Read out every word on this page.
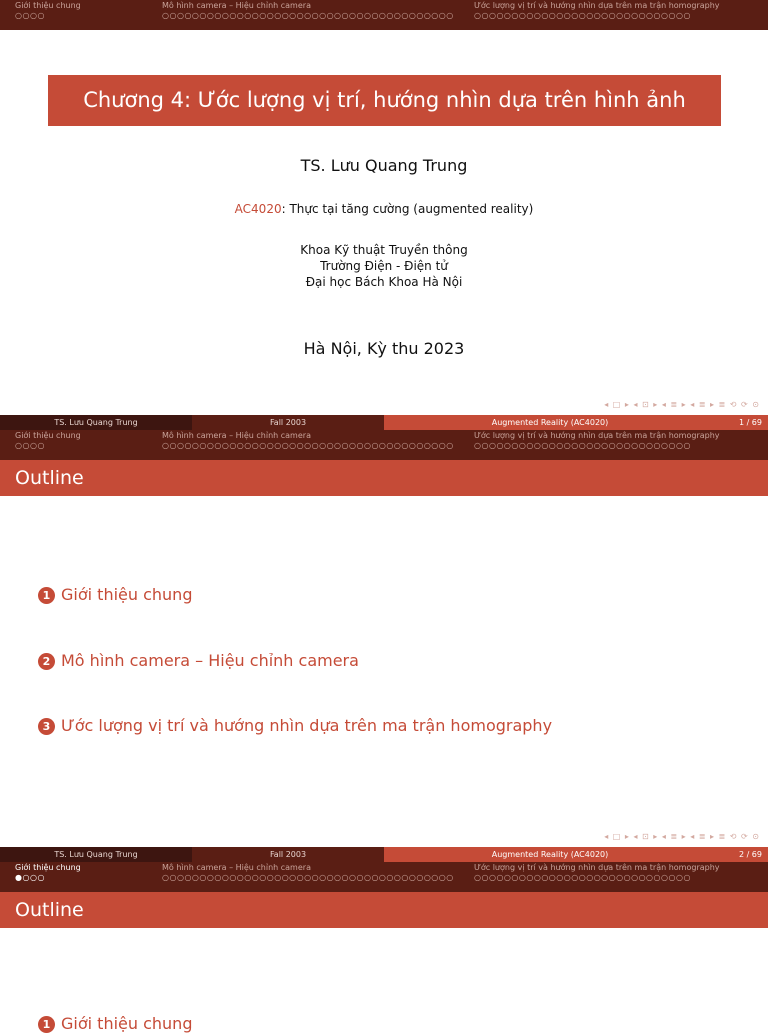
Giới thiệu chung
○○○○
Mô hình camera – Hiệu chỉnh camera
○○○○○○○○○○○○○○○○○○○○○○○○○○○○○○○○○○○○○○○
Ước lượng vị trí và hướng nhìn dựa trên ma trận homography
○○○○○○○○○○○○○○○○○○○○○○○○○○○○○
Chương 4: Ước lượng vị trí, hướng nhìn dựa trên hình ảnh
TS. Lưu Quang Trung
AC4020: Thực tại tăng cường (augmented reality)
Khoa Kỹ thuật Truyền thông
Trường Điện - Điện tử
Đại học Bách Khoa Hà Nội
Hà Nội, Kỳ thu 2023
◂ □ ▸ ◂ ⊡ ▸ ◂ ≣ ▸ ◂ ≣ ▸ ≣ ⟲ ⟳ ⊙
TS. Lưu Quang Trung	Fall 2003	Augmented Reality (AC4020)	1 / 69
Giới thiệu chung
○○○○
Mô hình camera – Hiệu chỉnh camera
○○○○○○○○○○○○○○○○○○○○○○○○○○○○○○○○○○○○○○○
Ước lượng vị trí và hướng nhìn dựa trên ma trận homography
○○○○○○○○○○○○○○○○○○○○○○○○○○○○○
Outline
1 Giới thiệu chung
2 Mô hình camera – Hiệu chỉnh camera
3 Ước lượng vị trí và hướng nhìn dựa trên ma trận homography
◂ □ ▸ ◂ ⊡ ▸ ◂ ≣ ▸ ◂ ≣ ▸ ≣ ⟲ ⟳ ⊙
TS. Lưu Quang Trung	Fall 2003	Augmented Reality (AC4020)	2 / 69
Giới thiệu chung
●○○○
Mô hình camera – Hiệu chỉnh camera
○○○○○○○○○○○○○○○○○○○○○○○○○○○○○○○○○○○○○○○
Ước lượng vị trí và hướng nhìn dựa trên ma trận homography
○○○○○○○○○○○○○○○○○○○○○○○○○○○○○
Outline
1 Giới thiệu chung
